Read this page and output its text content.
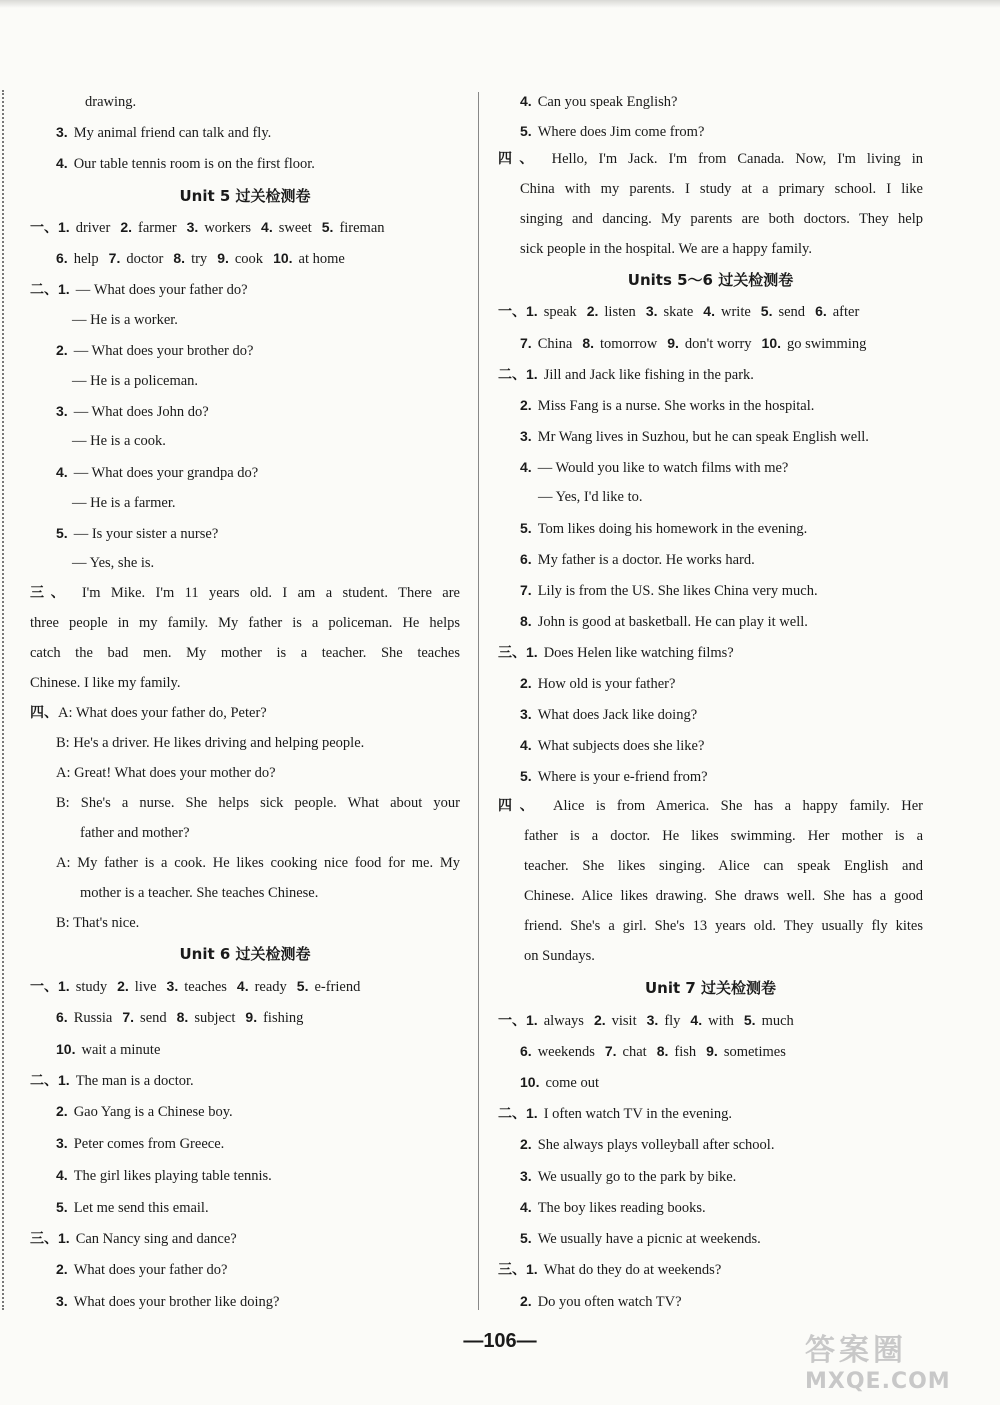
drawing.
3. My animal friend can talk and fly.
4. Our table tennis room is on the first floor.
Unit 5 过关检测卷
一、1. driver 2. farmer 3. workers 4. sweet 5. fireman
6. help 7. doctor 8. try 9. cook 10. at home
二、1. — What does your father do?
— He is a worker.
2. — What does your brother do?
— He is a policeman.
3. — What does John do?
— He is a cook.
4. — What does your grandpa do?
— He is a farmer.
5. — Is your sister a nurse?
— Yes, she is.
三、 I'm Mike. I'm 11 years old. I am a student. There are
three people in my family. My father is a policeman. He helps
catch the bad men. My mother is a teacher. She teaches
Chinese. I like my family.
四、A: What does your father do, Peter?
B: He's a driver. He likes driving and helping people.
A: Great! What does your mother do?
B: She's a nurse. She helps sick people. What about your
father and mother?
A: My father is a cook. He likes cooking nice food for me. My
mother is a teacher. She teaches Chinese.
B: That's nice.
Unit 6 过关检测卷
一、1. study 2. live 3. teaches 4. ready 5. e-friend
6. Russia 7. send 8. subject 9. fishing
10. wait a minute
二、1. The man is a doctor.
2. Gao Yang is a Chinese boy.
3. Peter comes from Greece.
4. The girl likes playing table tennis.
5. Let me send this email.
三、1. Can Nancy sing and dance?
2. What does your father do?
3. What does your brother like doing?
4. Can you speak English?
5. Where does Jim come from?
四、 Hello, I'm Jack. I'm from Canada. Now, I'm living in
China with my parents. I study at a primary school. I like
singing and dancing. My parents are both doctors. They help
sick people in the hospital. We are a happy family.
Units 5～6 过关检测卷
一、1. speak 2. listen 3. skate 4. write 5. send 6. after
7. China 8. tomorrow 9. don't worry 10. go swimming
二、1. Jill and Jack like fishing in the park.
2. Miss Fang is a nurse. She works in the hospital.
3. Mr Wang lives in Suzhou, but he can speak English well.
4. — Would you like to watch films with me?
— Yes, I'd like to.
5. Tom likes doing his homework in the evening.
6. My father is a doctor. He works hard.
7. Lily is from the US. She likes China very much.
8. John is good at basketball. He can play it well.
三、1. Does Helen like watching films?
2. How old is your father?
3. What does Jack like doing?
4. What subjects does she like?
5. Where is your e-friend from?
四、 Alice is from America. She has a happy family. Her
father is a doctor. He likes swimming. Her mother is a
teacher. She likes singing. Alice can speak English and
Chinese. Alice likes drawing. She draws well. She has a good
friend. She's a girl. She's 13 years old. They usually fly kites
on Sundays.
Unit 7 过关检测卷
一、1. always 2. visit 3. fly 4. with 5. much
6. weekends 7. chat 8. fish 9. sometimes
10. come out
二、1. I often watch TV in the evening.
2. She always plays volleyball after school.
3. We usually go to the park by bike.
4. The boy likes reading books.
5. We usually have a picnic at weekends.
三、1. What do they do at weekends?
2. Do you often watch TV?
—106—	答案圈
MXQE.COM
